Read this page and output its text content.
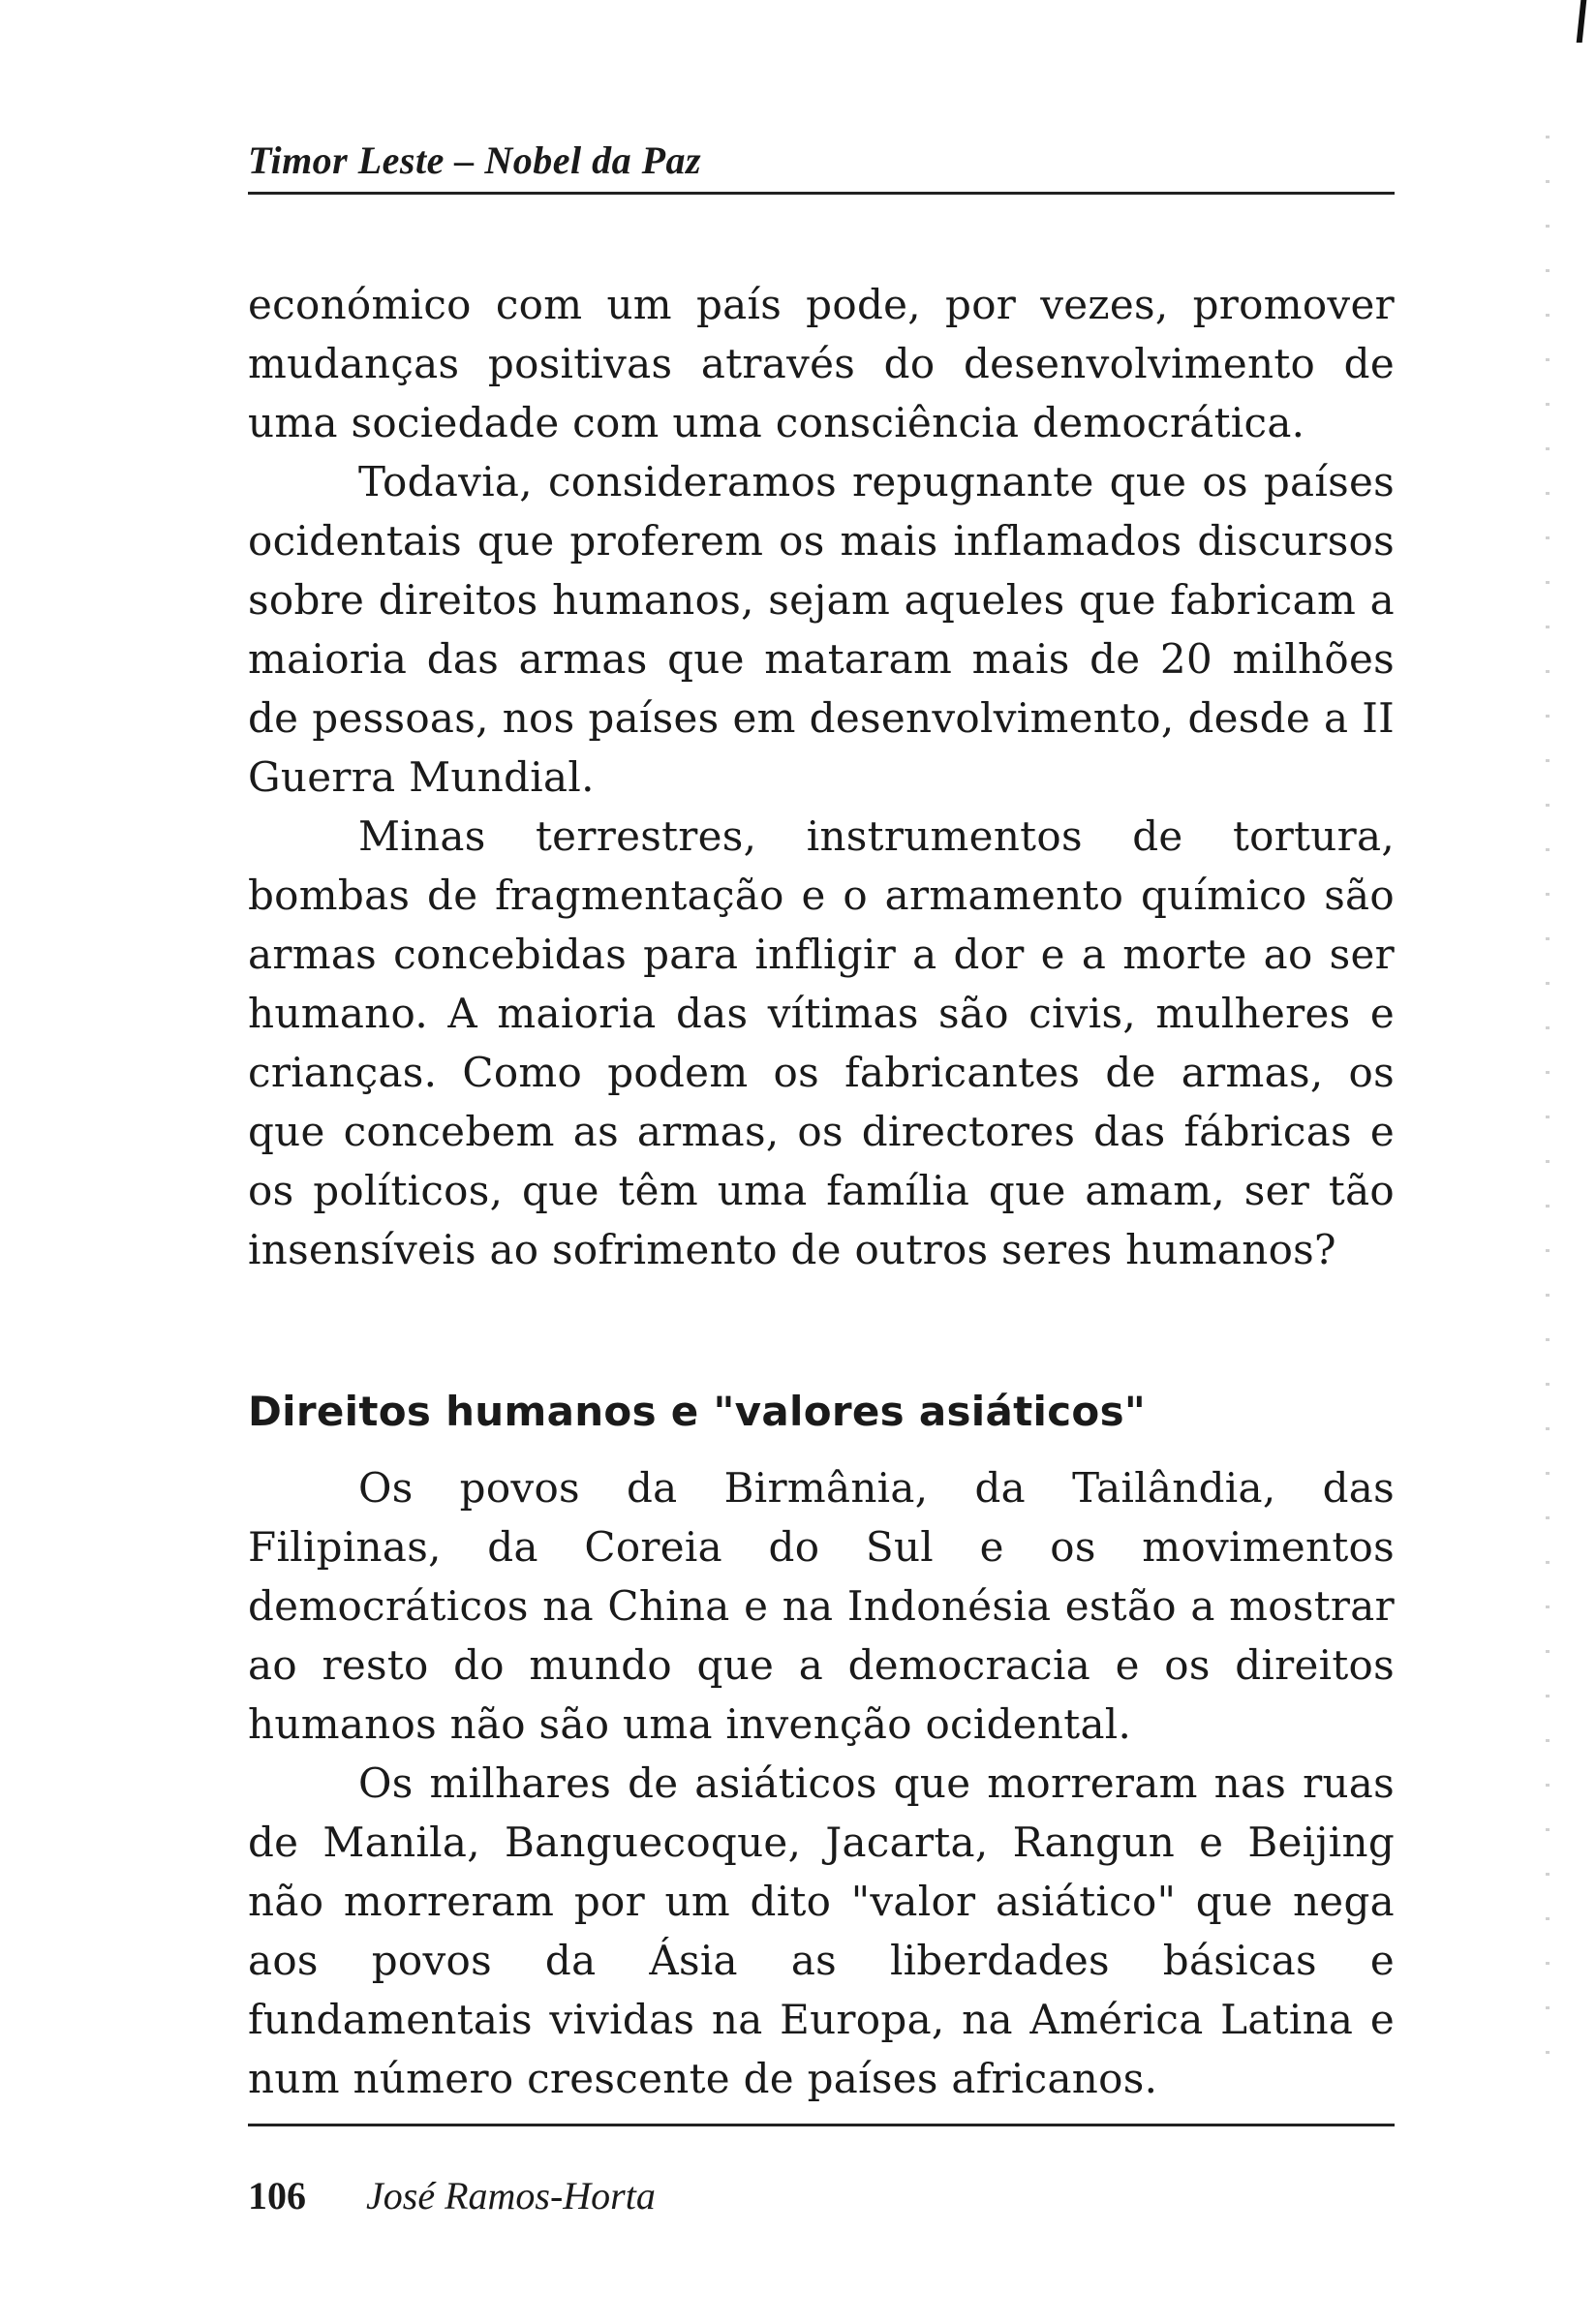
Timor Leste – Nobel da Paz

económico com um país pode, por vezes, promover mudanças positivas através do desenvolvimento de uma sociedade com uma consciência democrática.

Todavia, consideramos repugnante que os países ocidentais que proferem os mais inflamados discursos sobre direitos humanos, sejam aqueles que fabricam a maioria das armas que mataram mais de 20 milhões de pessoas, nos países em desenvolvimento, desde a II Guerra Mundial.

Minas terrestres, instrumentos de tortura, bombas de fragmentação e o armamento químico são armas concebidas para infligir a dor e a morte ao ser humano. A maioria das vítimas são civis, mulheres e crianças. Como podem os fabricantes de armas, os que concebem as armas, os directores das fábricas e os políticos, que têm uma família que amam, ser tão insensíveis ao sofrimento de outros seres humanos?

Direitos humanos e "valores asiáticos"

Os povos da Birmânia, da Tailândia, das Filipinas, da Coreia do Sul e os movimentos democráticos na China e na Indonésia estão a mostrar ao resto do mundo que a democracia e os direitos humanos não são uma invenção ocidental.

Os milhares de asiáticos que morreram nas ruas de Manila, Banguecoque, Jacarta, Rangun e Beijing não morreram por um dito "valor asiático" que nega aos povos da Ásia as liberdades básicas e fundamentais vividas na Europa, na América Latina e num número crescente de países africanos.

106 José Ramos-Horta
